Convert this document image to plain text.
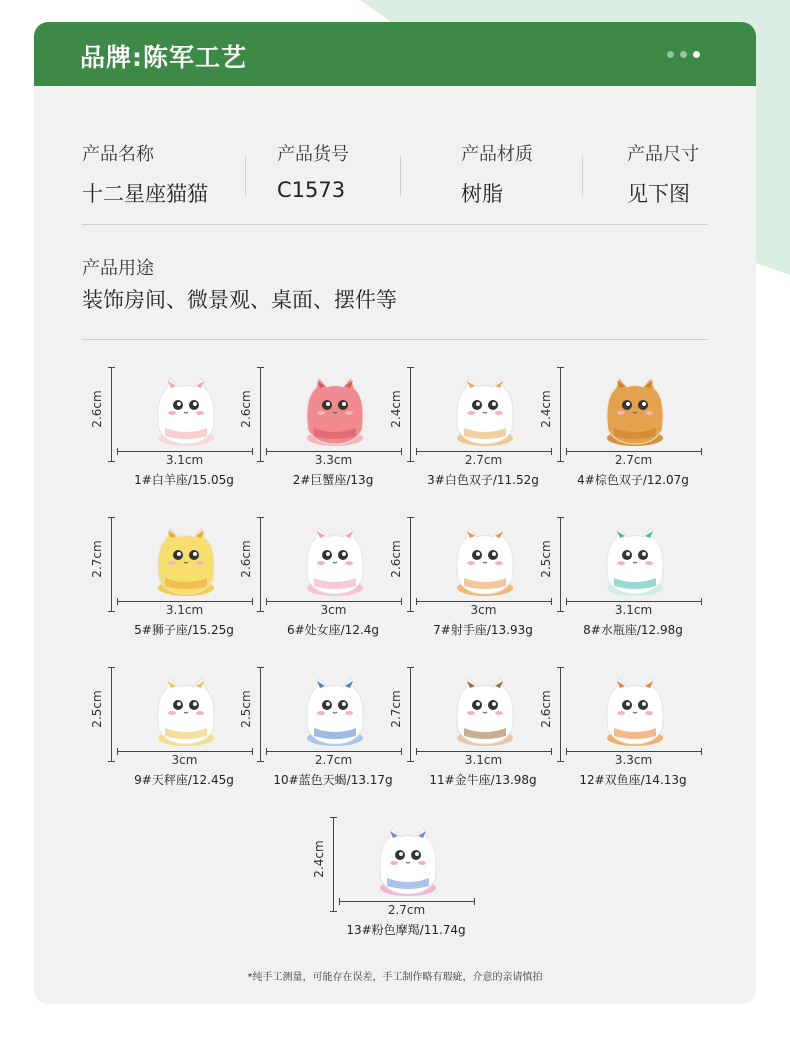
品牌:陈军工艺
产品名称
十二星座猫猫
产品货号
C1573
产品材质
树脂
产品尺寸
见下图
产品用途
装饰房间、微景观、桌面、摆件等
2.6cm
3.1cm
1#白羊座/15.05g
2.6cm
3.3cm
2#巨蟹座/13g
2.4cm
2.7cm
3#白色双子/11.52g
2.4cm
2.7cm
4#棕色双子/12.07g
2.7cm
3.1cm
5#狮子座/15.25g
2.6cm
3cm
6#处女座/12.4g
2.6cm
3cm
7#射手座/13.93g
2.5cm
3.1cm
8#水瓶座/12.98g
2.5cm
3cm
9#天秤座/12.45g
2.5cm
2.7cm
10#蓝色天蝎/13.17g
2.7cm
3.1cm
11#金牛座/13.98g
2.6cm
3.3cm
12#双鱼座/14.13g
2.4cm
2.7cm
13#粉色摩羯/11.74g
*纯手工测量，可能存在误差，手工制作略有瑕疵，介意的亲请慎拍
